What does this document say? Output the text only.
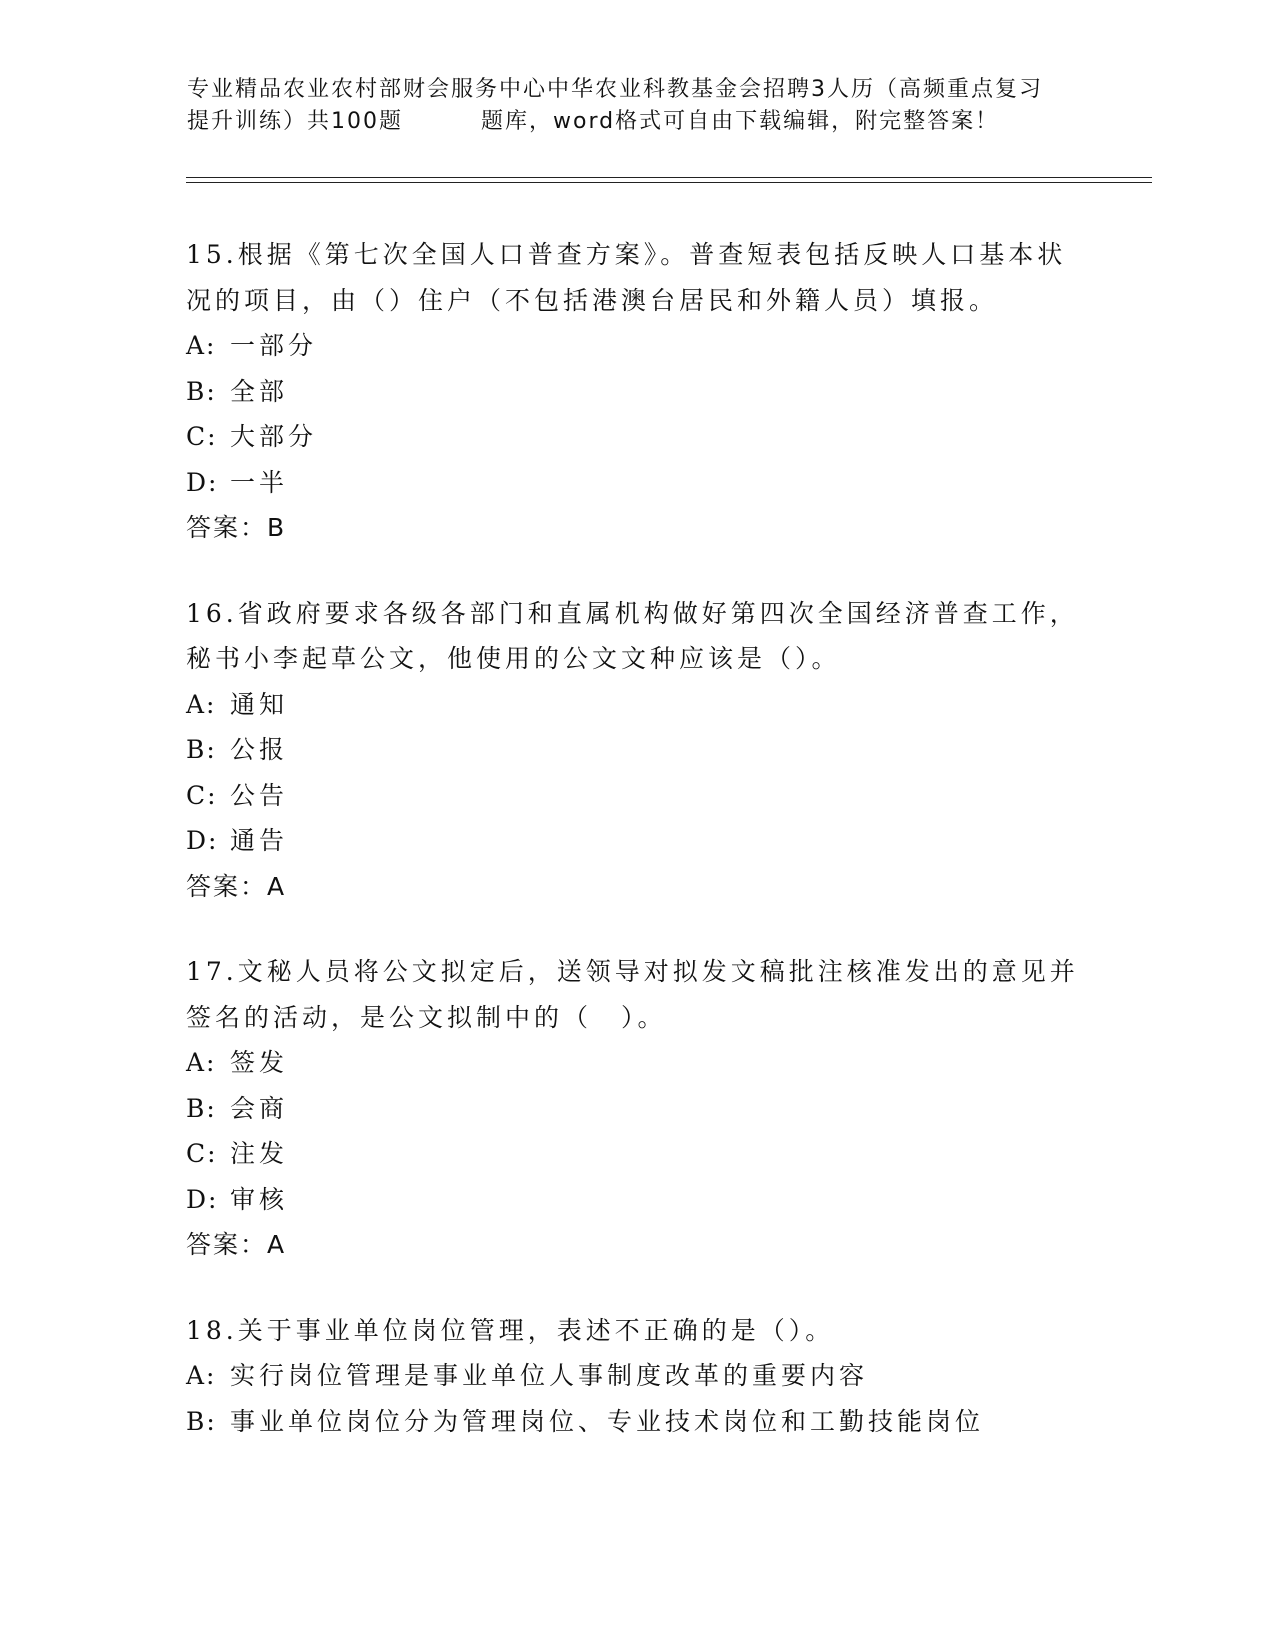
专业精品农业农村部财会服务中心中华农业科教基金会招聘3人历（高频重点复习
提升训练）共100题	题库，word格式可自由下载编辑，附完整答案！
15.根据《第七次全国人口普查方案》。普查短表包括反映人口基本状
况的项目，由（）住户（不包括港澳台居民和外籍人员）填报。
A: 一部分
B: 全部
C: 大部分
D: 一半
答案：B
16.省政府要求各级各部门和直属机构做好第四次全国经济普查工作，
秘书小李起草公文，他使用的公文文种应该是（）。
A: 通知
B: 公报
C: 公告
D: 通告
答案：A
17.文秘人员将公文拟定后，送领导对拟发文稿批注核准发出的意见并
签名的活动，是公文拟制中的（　）。
A: 签发
B: 会商
C: 注发
D: 审核
答案：A
18.关于事业单位岗位管理，表述不正确的是（）。
A: 实行岗位管理是事业单位人事制度改革的重要内容
B: 事业单位岗位分为管理岗位、专业技术岗位和工勤技能岗位
